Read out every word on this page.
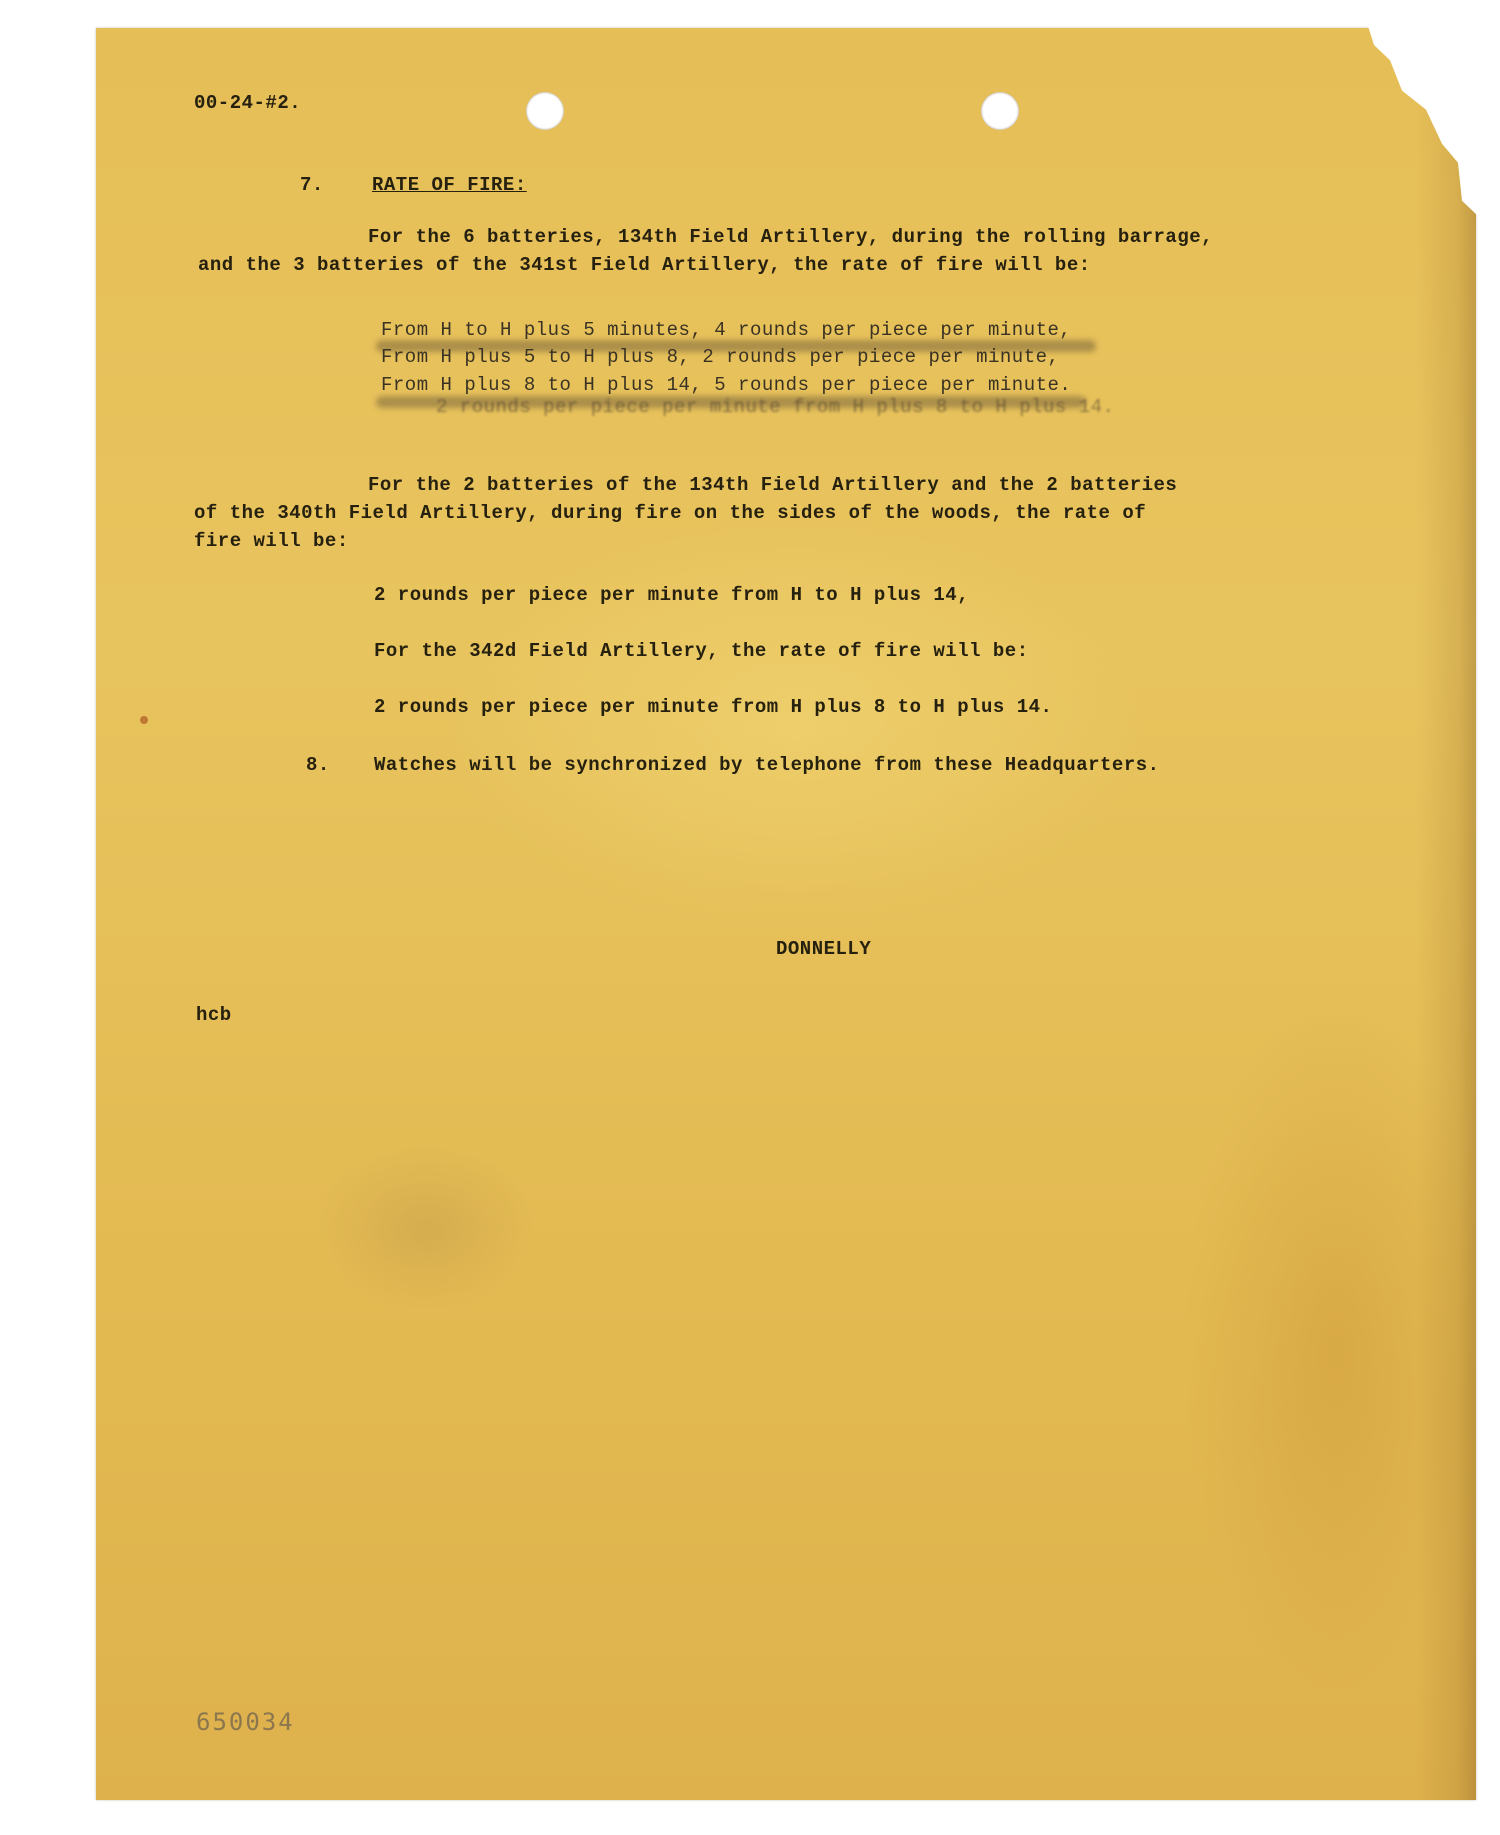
00-24-#2.

7.	RATE OF FIRE:

For the 6 batteries, 134th Field Artillery, during the rolling barrage,

and the 3 batteries of the 341st Field Artillery, the rate of fire will be:

From H to H plus 5 minutes, 4 rounds per piece per minute,

From H plus 5 to H plus 8, 2 rounds per piece per minute,

From H plus 8 to H plus 14, 5 rounds per piece per minute.

2 rounds per piece per minute from H plus 8 to H plus 14.

For the 2 batteries of the 134th Field Artillery and the 2 batteries

of the 340th Field Artillery, during fire on the sides of the woods, the rate of

fire will be:

2 rounds per piece per minute from H to H plus 14,

For the 342d Field Artillery, the rate of fire will be:

2 rounds per piece per minute from H plus 8 to H plus 14.

8. Watches will be synchronized by telephone from these Headquarters.

DONNELLY

hcb

650034
